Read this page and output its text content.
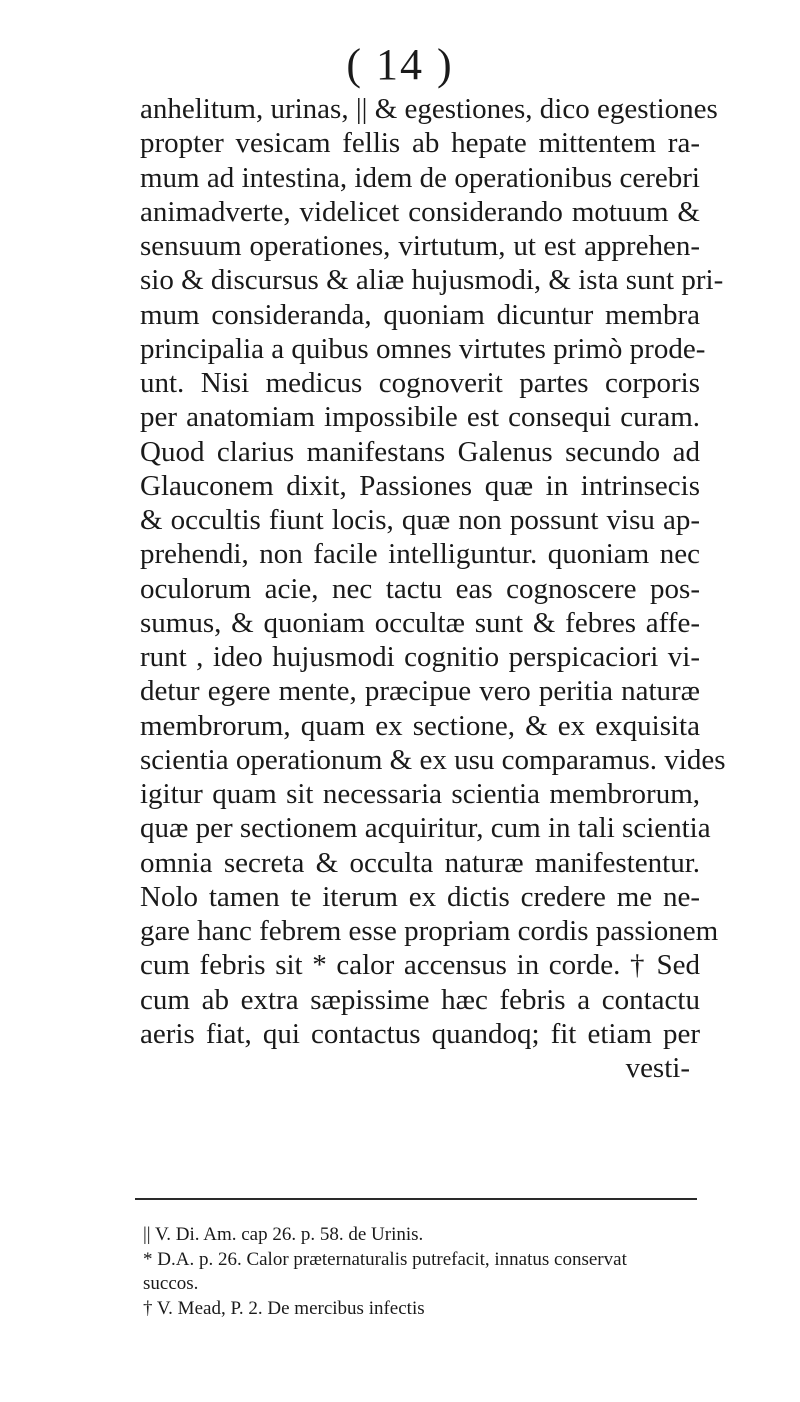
( 14 )
anhelitum, urinas, || & egestiones, dico egestiones
propter vesicam fellis ab hepate mittentem ra-
mum ad intestina, idem de operationibus cerebri
animadverte, videlicet considerando motuum &
sensuum operationes, virtutum, ut est apprehen-
sio & discursus & aliæ hujusmodi, & ista sunt pri-
mum consideranda, quoniam dicuntur membra
principalia a quibus omnes virtutes primò prode-
unt. Nisi medicus cognoverit partes corporis
per anatomiam impossibile est consequi curam.
Quod clarius manifestans Galenus secundo ad
Glauconem dixit, Passiones quæ in intrinsecis
& occultis fiunt locis, quæ non possunt visu ap-
prehendi, non facile intelliguntur. quoniam nec
oculorum acie, nec tactu eas cognoscere pos-
sumus, & quoniam occultæ sunt & febres affe-
runt , ideo hujusmodi cognitio perspicaciori vi-
detur egere mente, præcipue vero peritia naturæ
membrorum, quam ex sectione, & ex exquisita
scientia operationum & ex usu comparamus. vides
igitur quam sit necessaria scientia membrorum,
quæ per sectionem acquiritur, cum in tali scientia
omnia secreta & occulta naturæ manifestentur.
Nolo tamen te iterum ex dictis credere me ne-
gare hanc febrem esse propriam cordis passionem
cum febris sit * calor accensus in corde. † Sed
cum ab extra sæpissime hæc febris a contactu
aeris fiat, qui contactus quandoq; fit etiam per
vesti-
|| V. Di. Am. cap 26. p. 58. de Urinis.
* D.A. p. 26. Calor præternaturalis putrefacit, innatus conservat
succos.
† V. Mead, P. 2. De mercibus infectis
